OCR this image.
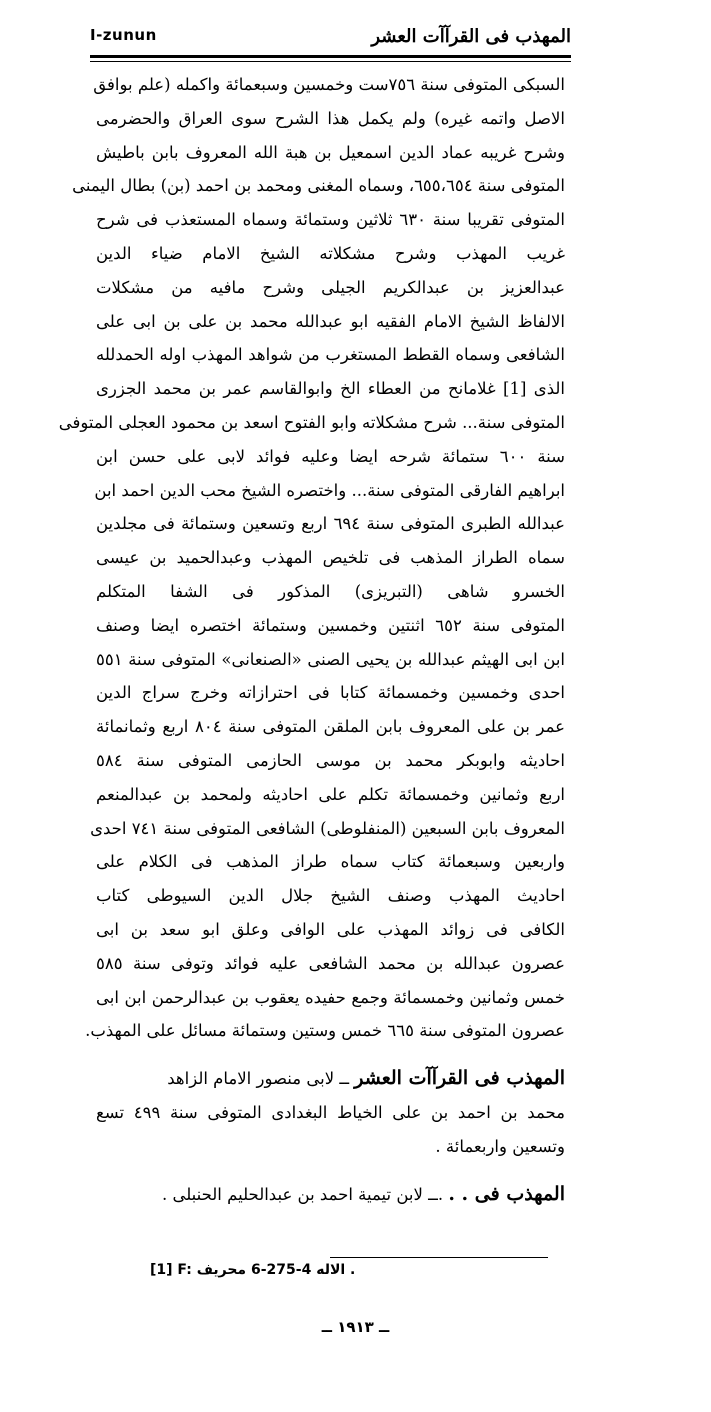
I-zunun	المهذب فى القرآآت العشر
السبكى المتوفى سنة ٧٥٦ست وخمسين وسبعمائة واكمله (علم بوافق
الاصل واتمه غيره) ولم يكمل هذا الشرح سوى العراق والحضرمى
وشرح غريبه عماد الدين اسمعيل بن هبة الله المعروف بابن باطيش
المتوفى سنة ٦٥٥،٦٥٤، وسماه المغنى ومحمد بن احمد (بن) بطال اليمنى
المتوفى تقريبا سنة ٦٣٠ ثلاثين وستمائة وسماه المستعذب فى شرح
غريب المهذب وشرح مشكلاته الشيخ الامام ضياء الدين
عبدالعزيز بن عبدالكريم الجيلى وشرح مافيه من مشكلات
الالفاظ الشيخ الامام الفقيه ابو عبدالله محمد بن على بن ابى على
الشافعى وسماه القطط المستغرب من شواهد المهذب اوله الحمدلله
الذى [1] غلامانح من العطاء الخ وابوالقاسم عمر بن محمد الجزرى
المتوفى سنة... شرح مشكلاته وابو الفتوح اسعد بن محمود العجلى المتوفى
سنة ٦٠٠ ستمائة شرحه ايضا وعليه فوائد لابى على حسن ابن
ابراهيم الفارقى المتوفى سنة... واختصره الشيخ محب الدين احمد ابن
عبدالله الطبرى المتوفى سنة ٦٩٤ اربع وتسعين وستمائة فى مجلدين
سماه الطراز المذهب فى تلخيص المهذب وعبدالحميد بن عيسى
الخسرو شاهى (التبريزى) المذكور فى الشفا المتكلم
المتوفى سنة ٦٥٢ اثنتين وخمسين وستمائة اختصره ايضا وصنف
ابن ابى الهيثم عبدالله بن يحيى الصنى «الصنعانى» المتوفى سنة ٥٥١
احدى وخمسين وخمسمائة كتابا فى احترازاته وخرج سراج الدين
عمر بن على المعروف بابن الملقن المتوفى سنة ٨٠٤ اربع وثمانمائة
احاديثه وابوبكر محمد بن موسى الحازمى المتوفى سنة ٥٨٤
اربع وثمانين وخمسمائة تكلم على احاديثه ولمحمد بن عبدالمنعم
المعروف بابن السبعين (المنفلوطى) الشافعى المتوفى سنة ٧٤١ احدى
واربعين وسبعمائة كتاب سماه طراز المذهب فى الكلام على
احاديث المهذب وصنف الشيخ جلال الدين السيوطى كتاب
الكافى فى زوائد المهذب على الوافى وعلق ابو سعد بن ابى
عصرون عبدالله بن محمد الشافعى عليه فوائد وتوفى سنة ٥٨٥
خمس وثمانين وخمسمائة وجمع حفيده يعقوب بن عبدالرحمن ابن ابى
عصرون المتوفى سنة ٦٦٥ خمس وستين وستمائة مسائل على المهذب.
المهذب فى القرآآت العشر ــ لابى منصور الامام الزاهد
محمد بن احمد بن على الخياط البغدادى المتوفى سنة ٤٩٩ تسع
وتسعين واربعمائة .
المهذب فى . . .ــ لابن تيمية احمد بن عبدالحليم الحنبلى .
[1] F: الاله 4-275-6 محريف .
ــ ١٩١٣ ــ
